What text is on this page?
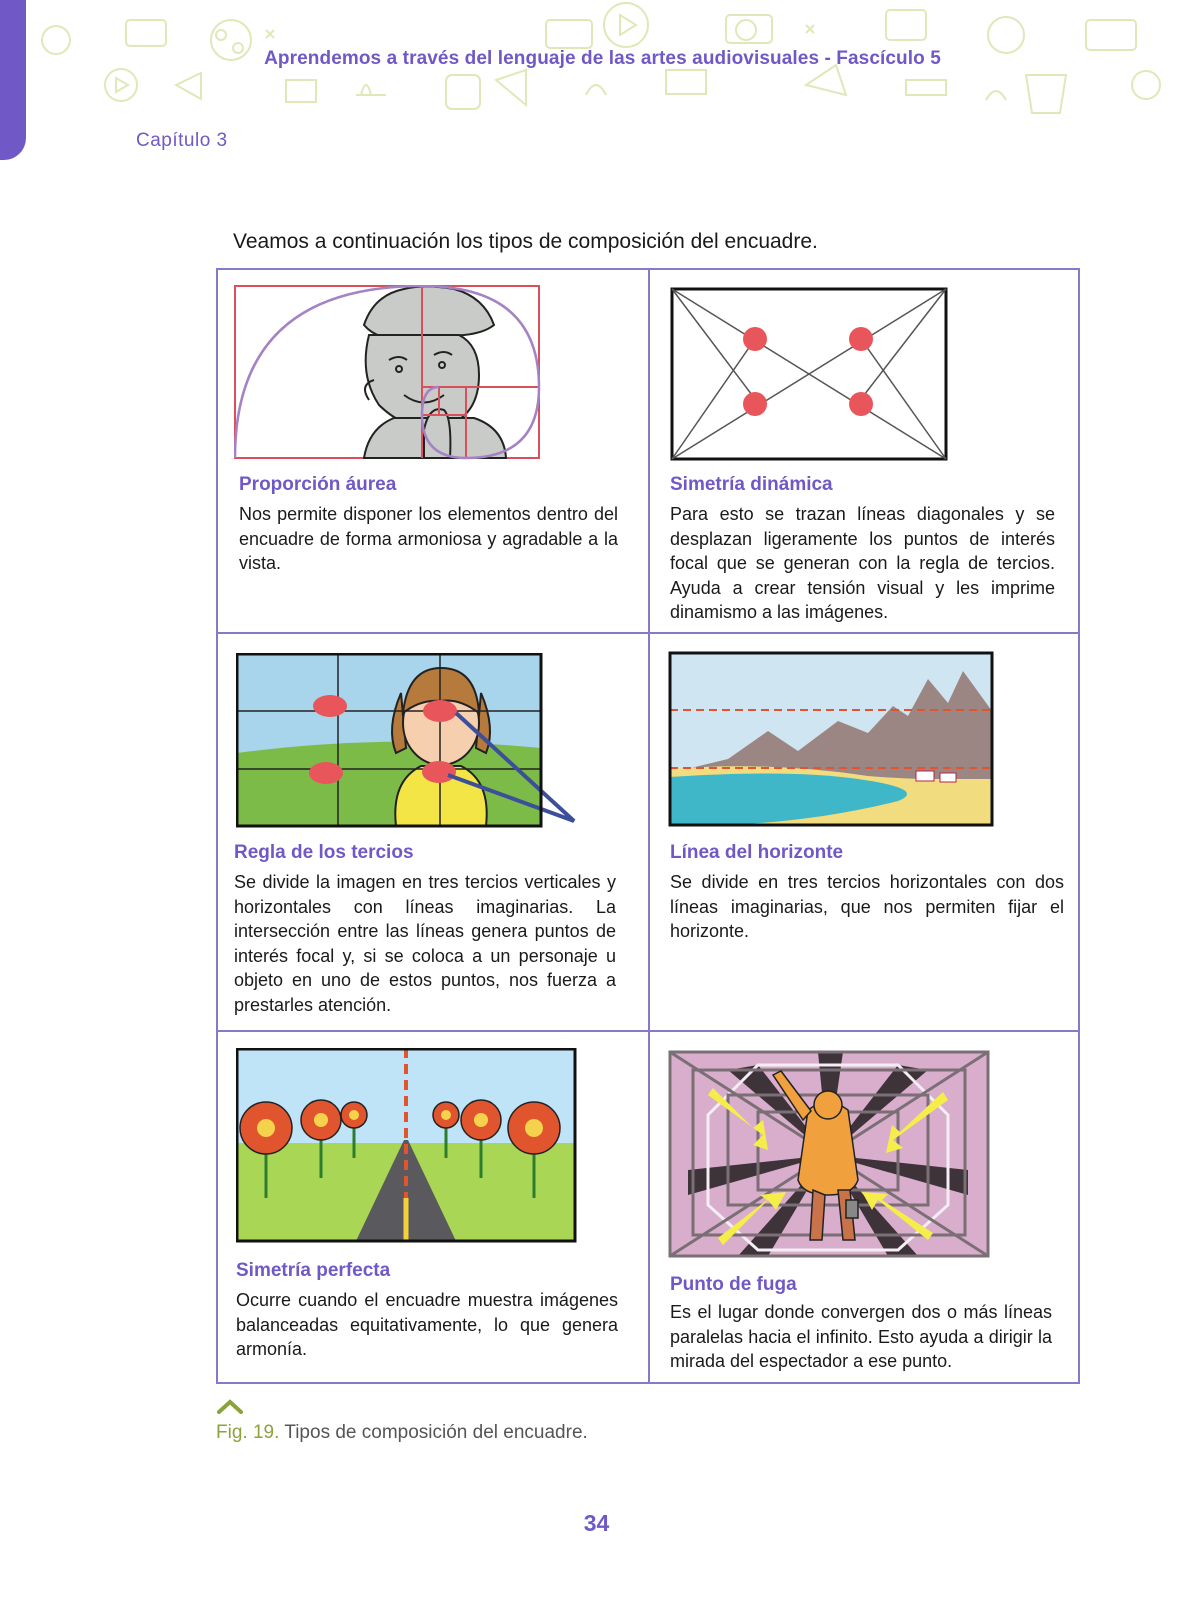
Aprendemos a través del lenguaje de las artes audiovisuales - Fascículo 5
Capítulo 3
Veamos a continuación los tipos de composición del encuadre.
Proporción áurea
Nos permite disponer los elementos dentro del encuadre de forma armoniosa y agradable a la vista.
Simetría dinámica
Para esto se trazan líneas diagonales y se desplazan ligeramente los puntos de interés focal que se generan con la regla de tercios. Ayuda a crear tensión visual y les imprime dinamismo a las imágenes.
Regla de los tercios
Se divide la imagen en tres tercios verticales y horizontales con líneas imaginarias. La intersección entre las líneas genera puntos de interés focal y, si se coloca a un personaje u objeto en uno de estos puntos, nos fuerza a prestarles atención.
Línea del horizonte
Se divide en tres tercios horizontales con dos líneas imaginarias, que nos permiten fijar el horizonte.
Simetría perfecta
Ocurre cuando el encuadre muestra imágenes balanceadas equitativamente, lo que genera armonía.
Punto de fuga
Es el lugar donde convergen dos o más líneas paralelas hacia el infinito. Esto ayuda a dirigir la mirada del espectador a ese punto.
Fig. 19. Tipos de composición del encuadre.
34
